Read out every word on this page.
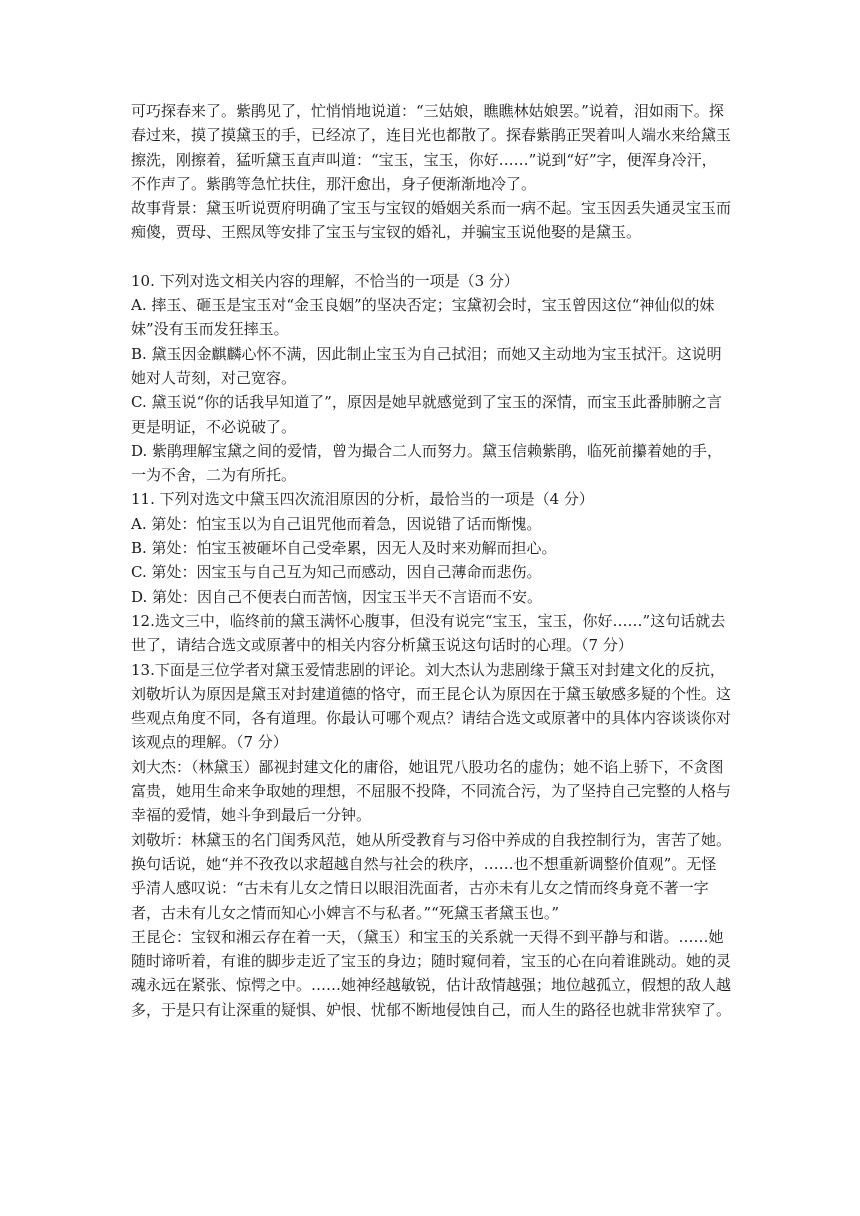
可巧探春来了。紫鹃见了，忙悄悄地说道：“三姑娘，瞧瞧林姑娘罢。”说着，泪如雨下。探春过来，摸了摸黛玉的手，已经凉了，连目光也都散了。探春紫鹃正哭着叫人端水来给黛玉擦洗，刚擦着，猛听黛玉直声叫道：“宝玉，宝玉，你好……”说到“好”字，便浑身冷汗，不作声了。紫鹃等急忙扶住，那汗愈出，身子便渐渐地冷了。

故事背景：黛玉听说贾府明确了宝玉与宝钗的婚姻关系而一病不起。宝玉因丢失通灵宝玉而痴傻，贾母、王熙凤等安排了宝玉与宝钗的婚礼，并骗宝玉说他娶的是黛玉。

10. 下列对选文相关内容的理解，不恰当的一项是（3 分）

A. 摔玉、砸玉是宝玉对“金玉良姻”的坚决否定；宝黛初会时，宝玉曾因这位“神仙似的妹妹”没有玉而发狂摔玉。

B. 黛玉因金麒麟心怀不满，因此制止宝玉为自己拭泪；而她又主动地为宝玉拭汗。这说明她对人苛刻，对己宽容。

C. 黛玉说“你的话我早知道了”，原因是她早就感觉到了宝玉的深情，而宝玉此番肺腑之言更是明证，不必说破了。

D. 紫鹃理解宝黛之间的爱情，曾为撮合二人而努力。黛玉信赖紫鹃，临死前攥着她的手，一为不舍，二为有所托。

11. 下列对选文中黛玉四次流泪原因的分析，最恰当的一项是（4 分）

A. 第处：怕宝玉以为自己诅咒他而着急，因说错了话而惭愧。

B. 第处：怕宝玉被砸坏自己受牵累，因无人及时来劝解而担心。

C. 第处：因宝玉与自己互为知己而感动，因自己薄命而悲伤。

D. 第处：因自己不便表白而苦恼，因宝玉半天不言语而不安。

12.选文三中，临终前的黛玉满怀心腹事，但没有说完“宝玉，宝玉，你好……”这句话就去世了，请结合选文或原著中的相关内容分析黛玉说这句话时的心理。（7 分）

13.下面是三位学者对黛玉爱情悲剧的评论。刘大杰认为悲剧缘于黛玉对封建文化的反抗，刘敬圻认为原因是黛玉对封建道德的恪守，而王昆仑认为原因在于黛玉敏感多疑的个性。这些观点角度不同，各有道理。你最认可哪个观点？请结合选文或原著中的具体内容谈谈你对该观点的理解。（7 分）

刘大杰：（林黛玉）鄙视封建文化的庸俗，她诅咒八股功名的虚伪；她不谄上骄下，不贪图富贵，她用生命来争取她的理想，不屈服不投降，不同流合污，为了坚持自己完整的人格与幸福的爱情，她斗争到最后一分钟。

刘敬圻：林黛玉的名门闺秀风范，她从所受教育与习俗中养成的自我控制行为，害苦了她。换句话说，她“并不孜孜以求超越自然与社会的秩序，……也不想重新调整价值观”。无怪乎清人感叹说：“古未有儿女之情日以眼泪洗面者，古亦未有儿女之情而终身竟不著一字者，古未有儿女之情而知心小婢言不与私者。”“死黛玉者黛玉也。”

王昆仑：宝钗和湘云存在着一天，（黛玉）和宝玉的关系就一天得不到平静与和谐。……她随时谛听着，有谁的脚步走近了宝玉的身边；随时窥伺着，宝玉的心在向着谁跳动。她的灵魂永远在紧张、惊愕之中。……她神经越敏锐，估计敌情越强；地位越孤立，假想的敌人越多，于是只有让深重的疑惧、妒恨、忧郁不断地侵蚀自己，而人生的路径也就非常狭窄了。
